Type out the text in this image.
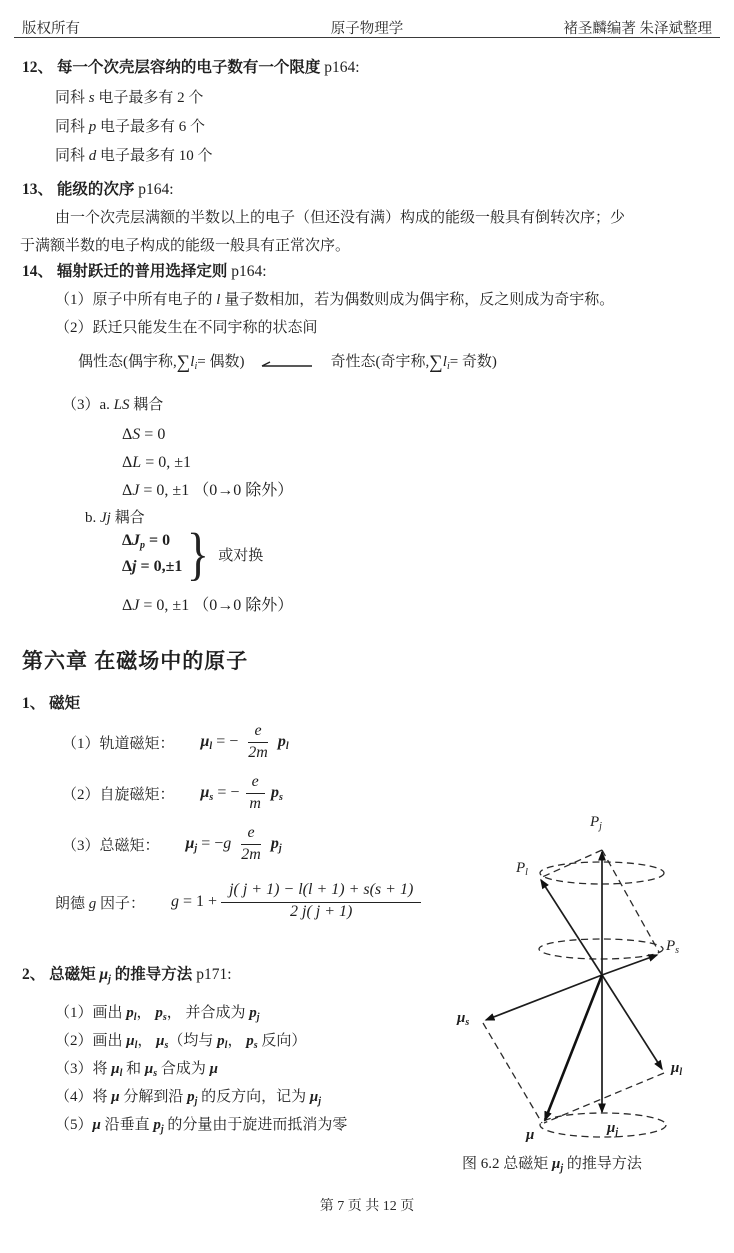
版权所有	原子物理学	褚圣麟编著 朱泽斌整理
12、 每一个次壳层容纳的电子数有一个限度 p164:
同科 s 电子最多有 2 个
同科 p 电子最多有 6 个
同科 d 电子最多有 10 个
13、 能级的次序 p164:
由一个次壳层满额的半数以上的电子（但还没有满）构成的能级一般具有倒转次序；少
于满额半数的电子构成的能级一般具有正常次序。
14、 辐射跃迁的普用选择定则 p164:
（1）原子中所有电子的 l 量子数相加，若为偶数则成为偶宇称，反之则成为奇宇称。
（2）跃迁只能发生在不同宇称的状态间
偶性态(偶宇称$,\sum l_i=$ 偶数)	奇性态(奇宇称$,\sum l_i=$ 奇数)
（3）a. LS 耦合
ΔS = 0
ΔL = 0, ±1
ΔJ = 0, ±1 （0→0 除外）
b. Jj 耦合
ΔJp = 0
Δj = 0,±1 } 或对换
ΔJ = 0, ±1 （0→0 除外）
第六章 在磁场中的原子
1、 磁矩
（1）轨道磁矩： μl = − $\frac{e}{2m}$ pl
（2）自旋磁矩： μs = − $\frac{e}{m}$ ps
（3）总磁矩： $\mu j = -g \frac{e}{2m}$ pj
朗德 g 因子： $g = 1 + \frac{j( j + 1) - l(l + 1) + s(s + 1)}{2 j( j + 1)}$
2、 总磁矩 μj 的推导方法 p171:
（1）画出 $p_l$， $p_s$， 并合成为 $p_j$
（2）画出 $\mu_l$， $\mu_s$（均与 $p_l$， $p_s$ 反向）
（3）将 $\mu_l$ 和 $\mu_s$ 合成为 μ
（4）将 μ 分解到沿 $p_j$ 的反方向，记为 $\mu_j$
（5）μ 沿垂直 $p_j$ 的分量由于旋进而抵消为零
$P_j$
$P_l$
$P_s$
$\mu_s$
$\mu_l$
μ	$\mu_j$
图 6.2 总磁矩 $\mu_j$ 的推导方法
第 7 页 共 12 页
